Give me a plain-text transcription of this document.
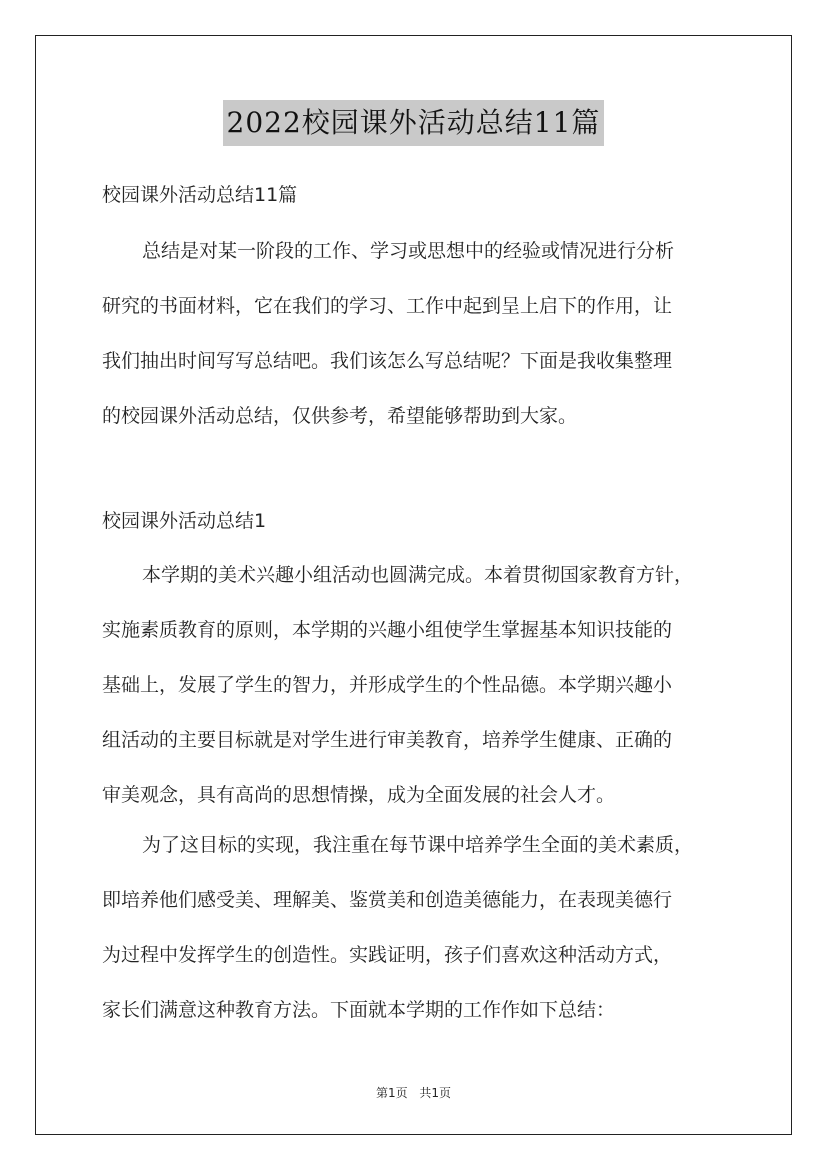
2022校园课外活动总结11篇
校园课外活动总结11篇
总结是对某一阶段的工作、学习或思想中的经验或情况进行分析
研究的书面材料，它在我们的学习、工作中起到呈上启下的作用，让
我们抽出时间写写总结吧。我们该怎么写总结呢？下面是我收集整理
的校园课外活动总结，仅供参考，希望能够帮助到大家。
校园课外活动总结1
本学期的美术兴趣小组活动也圆满完成。本着贯彻国家教育方针，
实施素质教育的原则，本学期的兴趣小组使学生掌握基本知识技能的
基础上，发展了学生的智力，并形成学生的个性品德。本学期兴趣小
组活动的主要目标就是对学生进行审美教育，培养学生健康、正确的
审美观念，具有高尚的思想情操，成为全面发展的社会人才。
为了这目标的实现，我注重在每节课中培养学生全面的美术素质，
即培养他们感受美、理解美、鉴赏美和创造美德能力，在表现美德行
为过程中发挥学生的创造性。实践证明，孩子们喜欢这种活动方式，
家长们满意这种教育方法。下面就本学期的工作作如下总结：
第1页 共1页
